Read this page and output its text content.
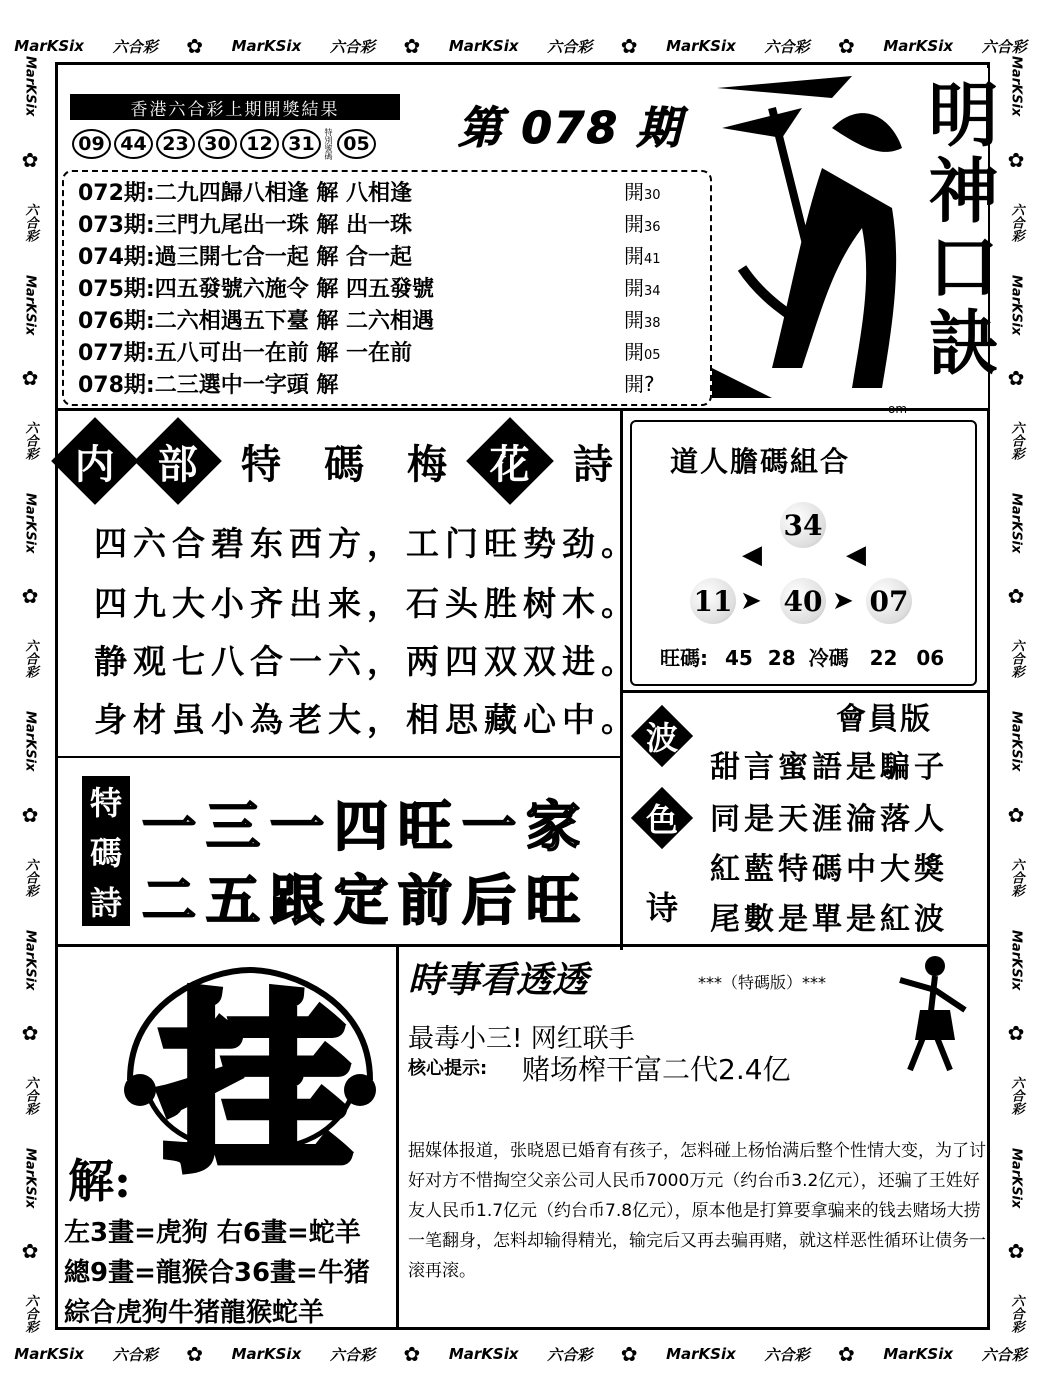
MarKSix 六合彩 ✿ MarKSix 六合彩 ✿ MarKSix 六合彩 ✿ MarKSix 六合彩 ✿ MarKSix 六合彩
MarKSix 六合彩 ✿ MarKSix 六合彩 ✿ MarKSix 六合彩 ✿ MarKSix 六合彩 ✿ MarKSix 六合彩
MarKSix
✿
六合彩
MarKSix
✿
六合彩
MarKSix
✿
六合彩
MarKSix
✿
六合彩
MarKSix
✿
六合彩
MarKSix
✿
六合彩
MarKSix
✿
六合彩
MarKSix
✿
六合彩
MarKSix
✿
六合彩
MarKSix
✿
六合彩
MarKSix
✿
六合彩
MarKSix
✿
六合彩
香港六合彩上期開獎結果
09 44 23 30 12 31	特別號碼 05 第 078 期
072期:二九四歸八相逢 解 八相逢	開30
073期:三門九尾出一珠 解 出一珠	開36
074期:過三開七合一起 解 合一起	開41
075期:四五發號六施令 解 四五發號	開34
076期:二六相遇五下臺 解 二六相遇	開38
077期:五八可出一在前 解 一在前	開05
078期:二三選中一字頭 解	開?
明神口訣
内 部 特 碼 梅 花 詩
四六合碧东西方，工门旺势劲。
四九大小齐出来，石头胜树木。
静观七八合一六，两四双双进。
身材虽小為老大，相思藏心中。
道人膽碼組合
34
11 40 07
◀	◀
➤	➤
旺碼: 45 28 冷碼 22 06
特
碼
詩
一三一四旺一家
二五跟定前后旺
波
色
诗
會員版
甜言蜜語是騙子
同是天涯淪落人
紅藍特碼中大獎
尾數是單是紅波
挂
解:
左3畫=虎狗 右6畫=蛇羊
總9畫=龍猴合36畫=牛猪
綜合虎狗牛猪龍猴蛇羊
時事看透透	***（特碼版）***
最毒小三! 网红联手
核心提示: 赌场榨干富二代2.4亿
据媒体报道，张晓恩已婚育有孩子，怎料碰上杨怡满后整个性情大变，为了讨好对方不惜掏空父亲公司人民币7000万元（约台币3.2亿元），还骗了王姓好友人民币1.7亿元（约台币7.8亿元），原本他是打算要拿骗来的钱去赌场大捞一笔翻身，怎料却输得精光，输完后又再去骗再赌，就这样恶性循环让债务一滚再滚。
